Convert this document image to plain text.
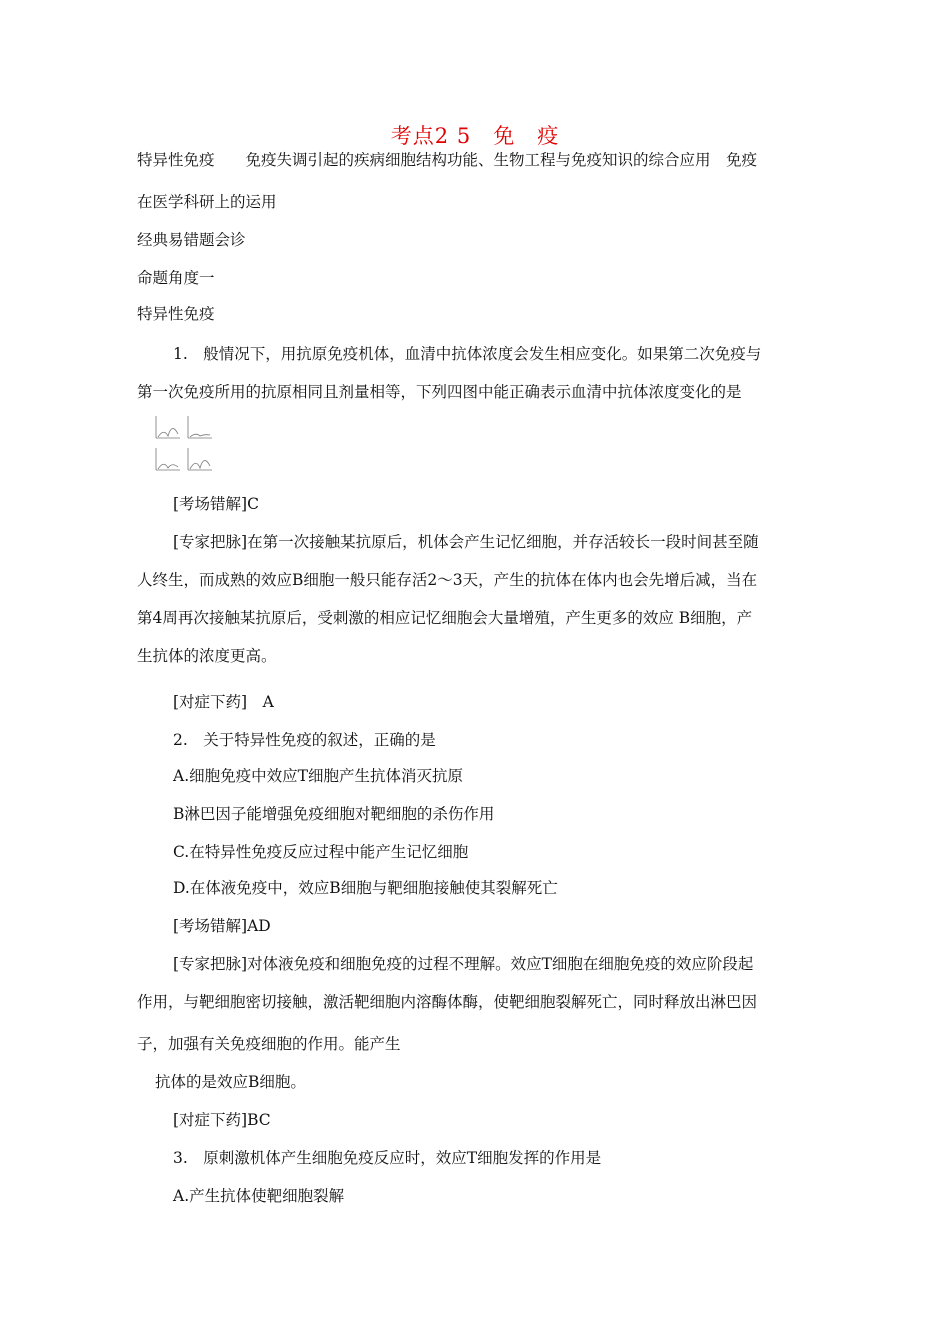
考点2 5　免　疫
特异性免疫　　免疫失调引起的疾病细胞结构功能、生物工程与免疫知识的综合应用　免疫
在医学科研上的运用
经典易错题会诊
命题角度一
特异性免疫
1.　般情况下，用抗原免疫机体，血清中抗体浓度会发生相应变化。如果第二次免疫与
第一次免疫所用的抗原相同且剂量相等，下列四图中能正确表示血清中抗体浓度变化的是
[考场错解]C
[专家把脉]在第一次接触某抗原后，机体会产生记忆细胞，并存活较长一段时间甚至随
人终生，而成熟的效应B细胞一般只能存活2～3天，产生的抗体在体内也会先增后减，当在
第4周再次接触某抗原后，受刺激的相应记忆细胞会大量增殖，产生更多的效应 B细胞，产
生抗体的浓度更高。
[对症下药]　A
2.　关于特异性免疫的叙述，正确的是
A.细胞免疫中效应T细胞产生抗体消灭抗原
B淋巴因子能增强免疫细胞对靶细胞的杀伤作用
C.在特异性免疫反应过程中能产生记忆细胞
D.在体液免疫中，效应B细胞与靶细胞接触使其裂解死亡
[考场错解]AD
[专家把脉]对体液免疫和细胞免疫的过程不理解。效应T细胞在细胞免疫的效应阶段起
作用，与靶细胞密切接触，激活靶细胞内溶酶体酶，使靶细胞裂解死亡，同时释放出淋巴因
子，加强有关免疫细胞的作用。能产生
抗体的是效应B细胞。
[对症下药]BC
3.　原刺激机体产生细胞免疫反应时，效应T细胞发挥的作用是
A.产生抗体使靶细胞裂解
